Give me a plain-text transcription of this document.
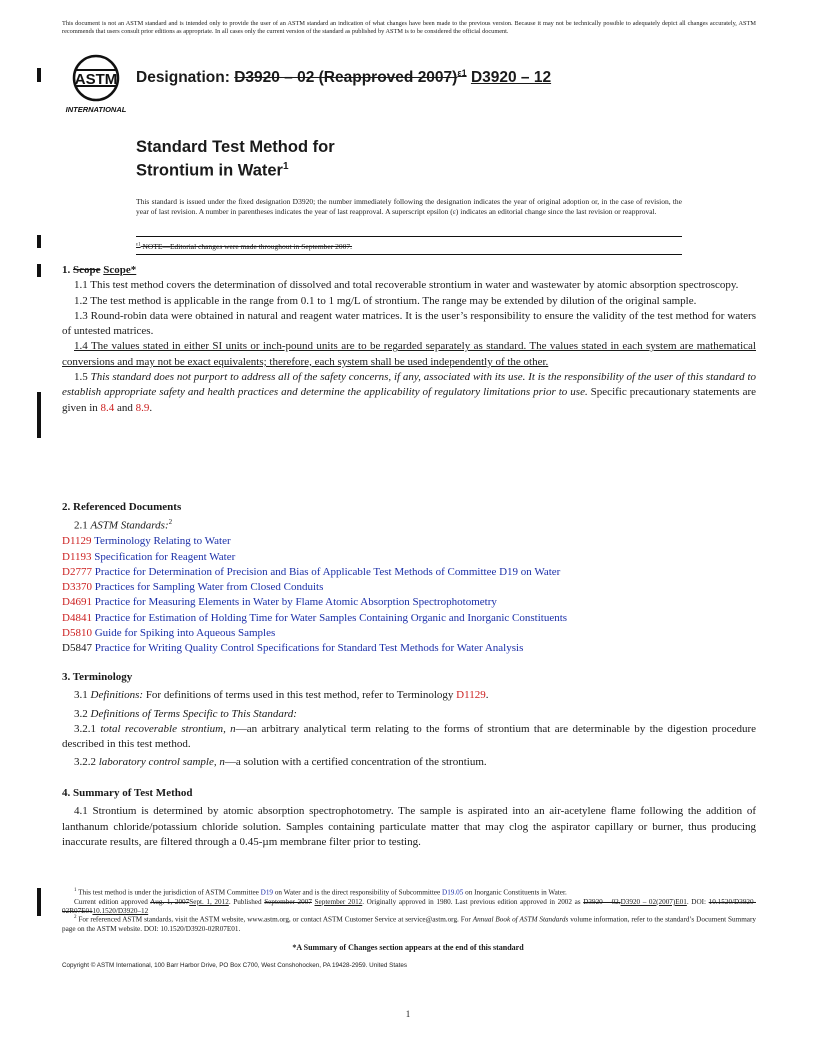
This document is not an ASTM standard and is intended only to provide the user of an ASTM standard an indication of what changes have been made to the previous version. Because it may not be technically possible to adequately depict all changes accurately, ASTM recommends that users consult prior editions as appropriate. In all cases only the current version of the standard as published by ASTM is to be considered the official document.
ASTM
INTERNATIONAL
Designation: D3920 – 02 (Reapproved 2007)$^{\varepsilon 1}$ D3920 – 12
Standard Test Method for
Strontium in Water$^1$
This standard is issued under the fixed designation D3920; the number immediately following the designation indicates the year of original adoption or, in the case of revision, the year of last revision. A number in parentheses indicates the year of last reapproval. A superscript epsilon (ε) indicates an editorial change since the last revision or reapproval.
$^{\varepsilon 1}$ NOTE—Editorial changes were made throughout in September 2007.
1. Scope Scope*

1.1 This test method covers the determination of dissolved and total recoverable strontium in water and wastewater by atomic absorption spectroscopy.

1.2 The test method is applicable in the range from 0.1 to 1 mg/L of strontium. The range may be extended by dilution of the original sample.

1.3 Round-robin data were obtained in natural and reagent water matrices. It is the user’s responsibility to ensure the validity of the test method for waters of untested matrices.

1.4 The values stated in either SI units or inch-pound units are to be regarded separately as standard. The values stated in each system are mathematical conversions and may not be exact equivalents; therefore, each system shall be used independently of the other.

1.5 This standard does not purport to address all of the safety concerns, if any, associated with its use. It is the responsibility of the user of this standard to establish appropriate safety and health practices and determine the applicability of regulatory limitations prior to use. Specific precautionary statements are given in 8.4 and 8.9.

2. Referenced Documents

2.1 ASTM Standards:$^2$

D1129 Terminology Relating to Water

D1193 Specification for Reagent Water

D2777 Practice for Determination of Precision and Bias of Applicable Test Methods of Committee D19 on Water

D3370 Practices for Sampling Water from Closed Conduits

D4691 Practice for Measuring Elements in Water by Flame Atomic Absorption Spectrophotometry

D4841 Practice for Estimation of Holding Time for Water Samples Containing Organic and Inorganic Constituents

D5810 Guide for Spiking into Aqueous Samples

D5847 Practice for Writing Quality Control Specifications for Standard Test Methods for Water Analysis

3. Terminology

3.1 Definitions: For definitions of terms used in this test method, refer to Terminology D1129.

3.2 Definitions of Terms Specific to This Standard:

3.2.1 total recoverable strontium, n—an arbitrary analytical term relating to the forms of strontium that are determinable by the digestion procedure described in this test method.

3.2.2 laboratory control sample, n—a solution with a certified concentration of the strontium.

4. Summary of Test Method

4.1 Strontium is determined by atomic absorption spectrophotometry. The sample is aspirated into an air-acetylene flame following the addition of lanthanum chloride/potassium chloride solution. Samples containing particulate matter that may clog the aspirator capillary or burner, thus producing inaccurate results, are filtered through a 0.45-µm membrane filter prior to testing.

$^1$ This test method is under the jurisdiction of ASTM Committee D19 on Water and is the direct responsibility of Subcommittee D19.05 on Inorganic Constituents in Water.
Current edition approved Aug. 1, 2007Sept. 1, 2012. Published September 2007 September 2012. Originally approved in 1980. Last previous edition approved in 2002 as D3920 – 02.D3920 – 02(2007)E01. DOI: 10.1520/D3920-02R07E0110.1520/D3920–12
$^2$ For referenced ASTM standards, visit the ASTM website, www.astm.org, or contact ASTM Customer Service at service@astm.org. For Annual Book of ASTM Standards volume information, refer to the standard’s Document Summary page on the ASTM website. DOI: 10.1520/D3920-02R07E01.
*A Summary of Changes section appears at the end of this standard
Copyright © ASTM International, 100 Barr Harbor Drive, PO Box C700, West Conshohocken, PA 19428-2959. United States
1
